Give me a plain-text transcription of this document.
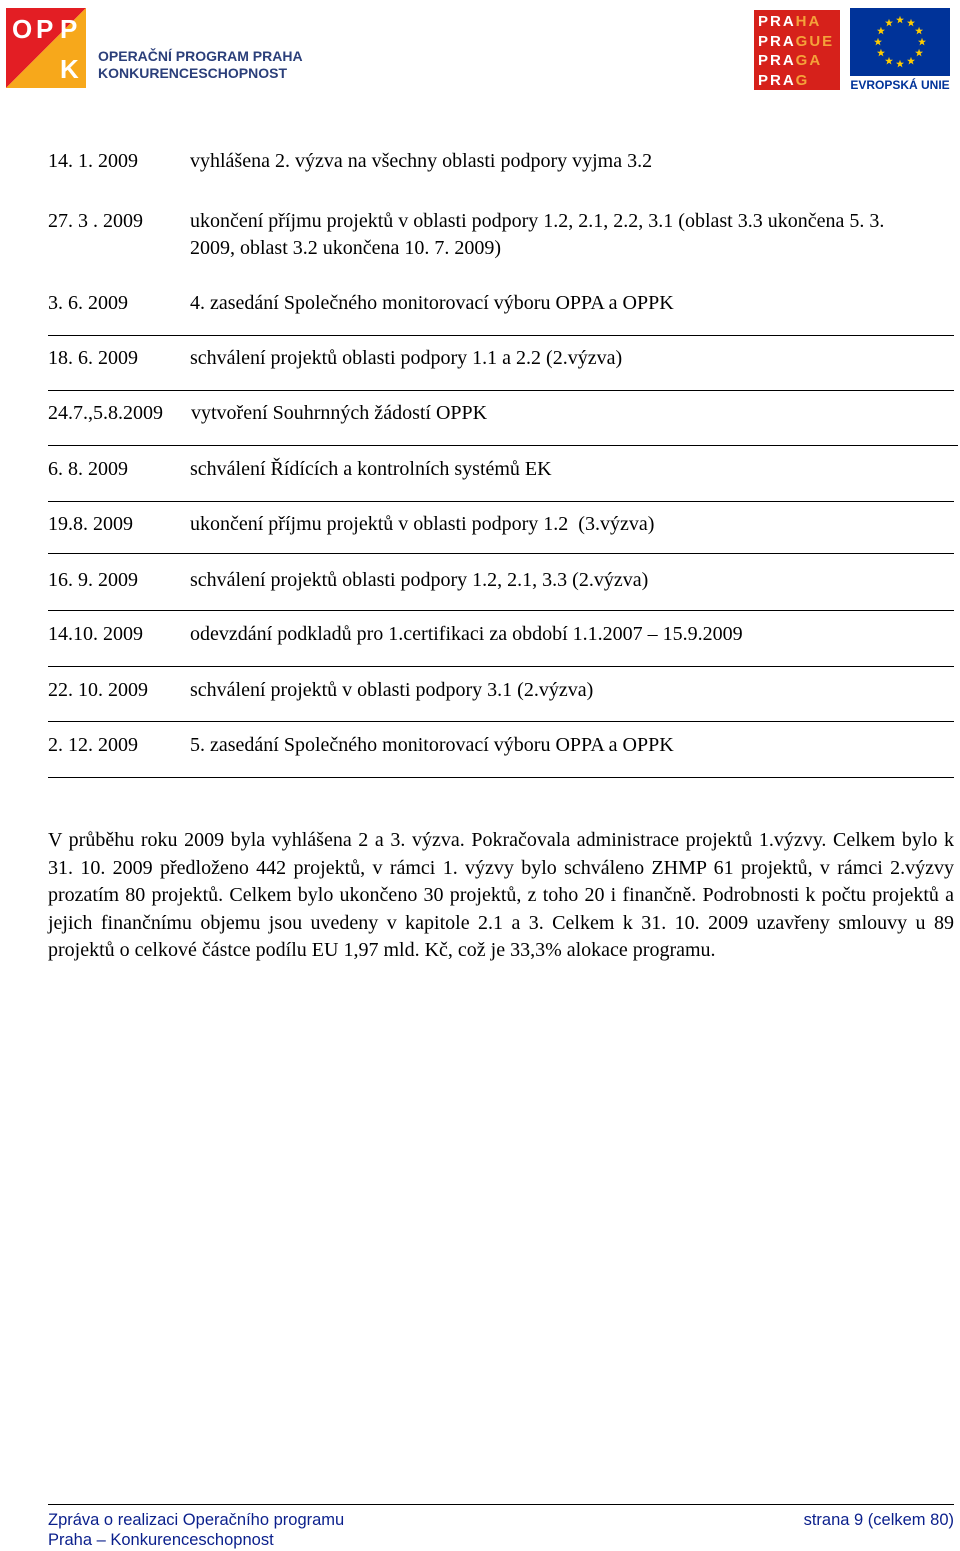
O P P
K OPERAČNÍ PROGRAM PRAHA
KONKURENCESCHOPNOST
PRAHA
PRAGUE
PRAGA
PRAG	EVROPSKÁ UNIE
14. 1. 2009	vyhlášena 2. výzva na všechny oblasti podpory vyjma 3.2
27. 3 . 2009 ukončení příjmu projektů v oblasti podpory 1.2, 2.1, 2.2, 3.1 (oblast 3.3 ukončena 5. 3. 2009, oblast 3.2 ukončena 10. 7. 2009)
3. 6. 2009	4. zasedání Společného monitorovací výboru OPPA a OPPK
18. 6. 2009	schválení projektů oblasti podpory 1.1 a 2.2 (2.výzva)
24.7.,5.8.2009 vytvoření Souhrnných žádostí OPPK
6. 8. 2009	schválení Řídících a kontrolních systémů EK
19.8. 2009	ukončení příjmu projektů v oblasti podpory 1.2  (3.výzva)
16. 9. 2009	schválení projektů oblasti podpory 1.2, 2.1, 3.3 (2.výzva)
14.10. 2009 odevzdání podkladů pro 1.certifikaci za období 1.1.2007 – 15.9.2009
22. 10. 2009 schválení projektů v oblasti podpory 3.1 (2.výzva)
2. 12. 2009	5. zasedání Společného monitorovací výboru OPPA a OPPK
V průběhu roku 2009 byla vyhlášena 2 a 3. výzva. Pokračovala administrace projektů 1.výzvy. Celkem bylo k 31. 10. 2009 předloženo 442 projektů, v rámci 1. výzvy bylo schváleno ZHMP 61 projektů, v rámci 2.výzvy prozatím 80 projektů. Celkem bylo ukončeno 30 projektů, z toho 20 i finančně. Podrobnosti k počtu projektů a jejich finančnímu objemu jsou uvedeny v kapitole 2.1 a 3. Celkem k 31. 10. 2009 uzavřeny smlouvy u 89 projektů o celkové částce podílu EU 1,97 mld. Kč, což je 33,3% alokace programu.
Zpráva o realizaci Operačního programu
Praha – Konkurenceschopnost
strana 9 (celkem 80)
